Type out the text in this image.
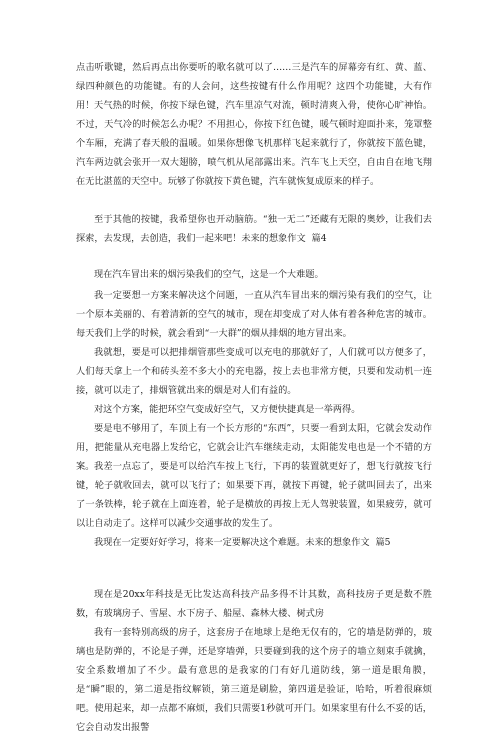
点击听歌键，然后再点出你要听的歌名就可以了……三是汽车的屏幕旁有红、黄、蓝、绿四种颜色的功能键。有的人会问，这些按键有什么作用呢？这四个功能键，大有作用！ 天气热的时候，你按下绿色键，汽车里凉气对流，顿时清爽入骨，使你心旷神怡。不过，天气冷的时候怎么办呢？不用担心，你按下红色键，暖气顿时迎面扑来，笼罩整个车厢，充满了春天般的温暖。如果你想像飞机那样飞起来就行了，你就按下蓝色键，汽车两边就会张开一双大翅膀，喷气机从尾部露出来。汽车飞上天空，自由自在地飞翔在无比湛蓝的天空中。玩够了你就按下黄色键，汽车就恢复成原来的样子。

至于其他的按键，我希望你也开动脑筋。“独一无二”还藏有无限的奥妙，让我们去探索，去发现，去创造，我们一起来吧！未来的想象作文  篇4

现在汽车冒出来的烟污染我们的空气，这是一个大难题。

我一定要想一方案来解决这个问题，一直从汽车冒出来的烟污染有我们的空气，让一个原本美丽的、有着清新的空气的城市，现在却变成了对人体有着各种危害的城市。每天我们上学的时候，就会看到“一大群”的烟从排烟的地方冒出来。

我就想，要是可以把排烟管那些变成可以充电的那就好了，人们就可以方便多了，人们每天拿上一个和砖头差不多大小的充电器，按上去也非常方便，只要和发动机一连接，就可以走了，排烟管就出来的烟是对人们有益的。

对这个方案，能把环空气变成好空气，又方便快捷真是一举两得。

要是电不够用了，车顶上有一个长方形的“东西”，只要一看到太阳，它就会发动作用，把能量从充电器上发给它，它就会让汽车继续走动，太阳能发电也是一个不错的方案。 我差一点忘了，要是可以给汽车按上飞行，下再的装置就更好了，想飞行就按飞行键，轮子就收回去，就可以飞行了；如果要下再，就按下再键，轮子就叫回去了，出来了一条铁棒，轮子就在上面连着，轮子是横放的再按上无人驾驶装置，如果疲劳，就可以让自动走了。这样可以减少交通事故的发生了。

我现在一定要好好学习，将来一定要解决这个难题。未来的想象作文  篇5

现在是20xx年科技是无比发达高科技产品多得不计其数，高科技房子更是数不胜数，有玻璃房子、雪屋、水下房子、船屋、森林大楼、树式房

我有一套特别高级的房子，这套房子在地球上是绝无仅有的，它的墙是防弹的，玻璃也是防弹的，不论是子弹，还是穿墙弹，只要碰到我的这个房子的墙立刻束手就擒，安全系数增加了不少。最有意思的是我家的门有好几道防线，第一道是眼角膜，是“瞬”眼的，第二道是指纹解锁，第三道是刷脸，第四道是验证，哈哈，听着很麻烦吧。使用起来，却一点都不麻烦，我们只需要1秒就可开门。如果家里有什么不妥的话，它会自动发出报警
